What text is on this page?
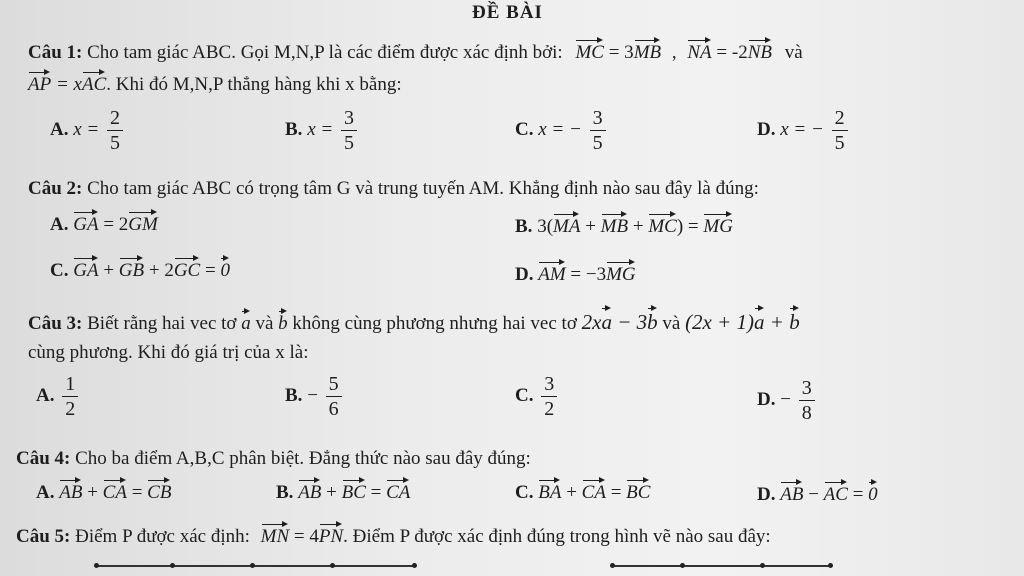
ĐỀ BÀI
Câu 1: Cho tam giác ABC. Gọi M,N,P là các điểm được xác định bởi: MC = 3MB , NA = -2NB và
AP = xAC. Khi đó M,N,P thẳng hàng khi x bằng:
A. $x = \frac{2}{5}$	B. $x = \frac{3}{5}$	C. x = − $\frac{3}{5}$	D. x = − $\frac{2}{5}$
Câu 2: Cho tam giác ABC có trọng tâm G và trung tuyến AM. Khẳng định nào sau đây là đúng:
A. GA = 2GM	B. 3(MA + MB + MC) = MG
C. GA + GB + 2GC = 0	D. AM = −3MG
Câu 3: Biết rằng hai vec tơ a và b không cùng phương nhưng hai vec tơ 2xa − 3b và (2x + 1)a + b
cùng phương. Khi đó giá trị của x là:
A. $\frac{1}{2}$	B. − $\frac{5}{6}$	C. $\frac{3}{2}$	D. − $\frac{3}{8}$
Câu 4: Cho ba điểm A,B,C phân biệt. Đẳng thức nào sau đây đúng:
A. AB + CA = CB	B. AB + BC = CA	C. BA + CA = BC	D. AB − AC = 0
Câu 5: Điểm P được xác định: MN = 4PN. Điểm P được xác định đúng trong hình vẽ nào sau đây:
